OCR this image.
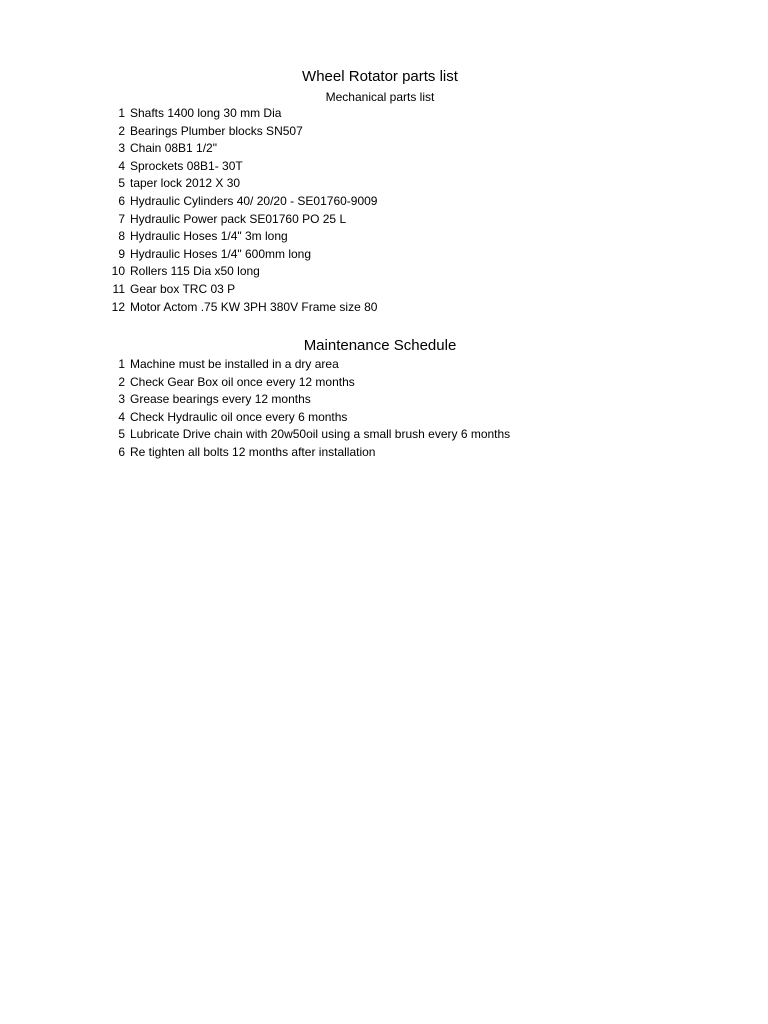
Wheel Rotator parts list
Mechanical parts list
1 Shafts 1400 long 30 mm Dia
2 Bearings Plumber blocks SN507
3 Chain 08B1 1/2"
4 Sprockets 08B1- 30T
5 taper lock 2012 X 30
6 Hydraulic Cylinders 40/ 20/20 - SE01760-9009
7 Hydraulic Power pack SE01760 PO 25 L
8 Hydraulic Hoses 1/4" 3m long
9 Hydraulic Hoses 1/4" 600mm long
10 Rollers 115 Dia x50 long
11 Gear box TRC 03 P
12 Motor Actom .75 KW 3PH 380V Frame size 80
Maintenance Schedule
1 Machine must be installed in a dry area
2 Check Gear Box oil once every 12 months
3 Grease bearings every 12 months
4 Check Hydraulic oil once every 6 months
5 Lubricate Drive chain with 20w50oil using a small brush every 6 months
6 Re tighten all bolts 12 months after installation
